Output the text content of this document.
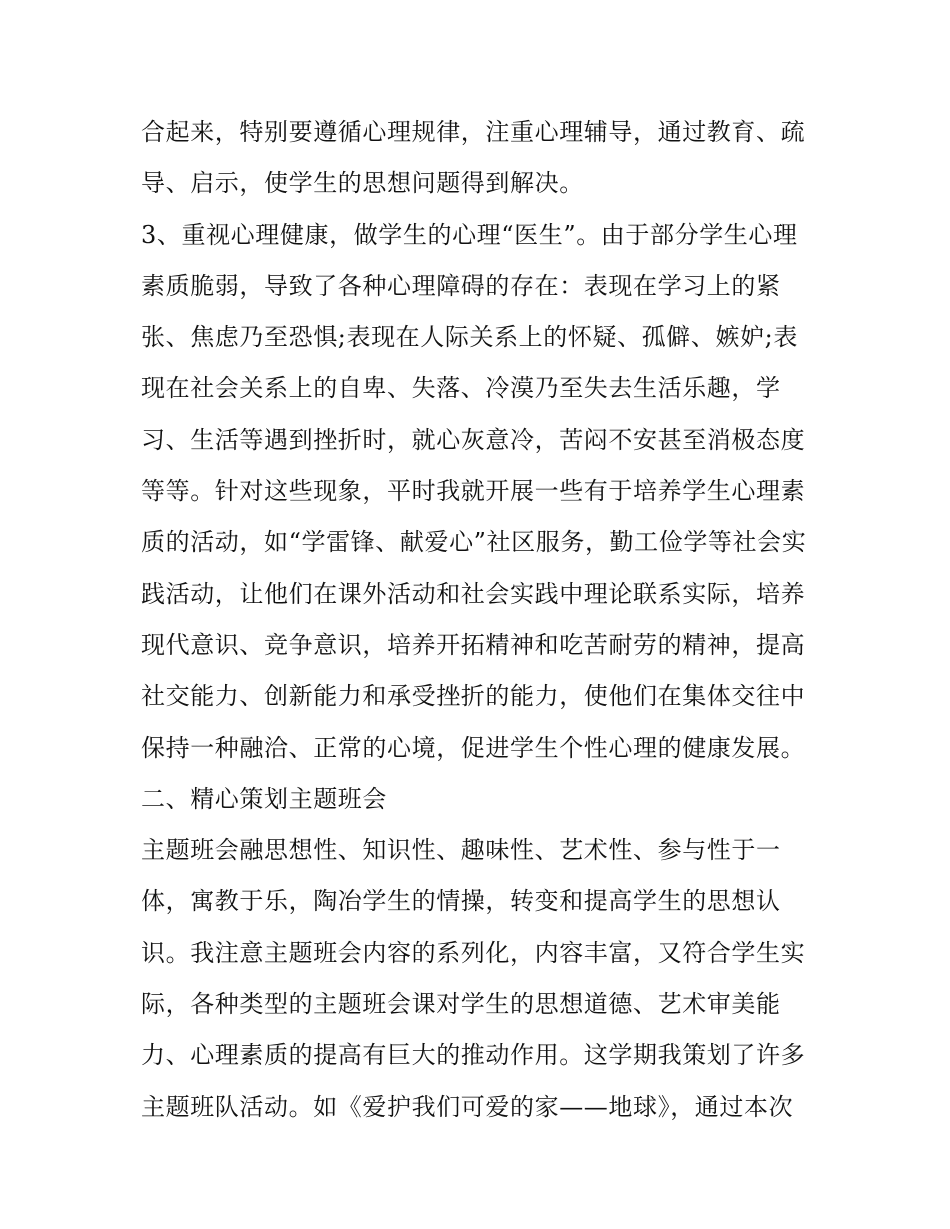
合起来，特别要遵循心理规律，注重心理辅导，通过教育、疏
导、启示，使学生的思想问题得到解决。
3、重视心理健康，做学生的心理“医生”。由于部分学生心理
素质脆弱，导致了各种心理障碍的存在：表现在学习上的紧
张、焦虑乃至恐惧;表现在人际关系上的怀疑、孤僻、嫉妒;表
现在社会关系上的自卑、失落、冷漠乃至失去生活乐趣，学
习、生活等遇到挫折时，就心灰意冷，苦闷不安甚至消极态度
等等。针对这些现象，平时我就开展一些有于培养学生心理素
质的活动，如“学雷锋、献爱心”社区服务，勤工俭学等社会实
践活动，让他们在课外活动和社会实践中理论联系实际，培养
现代意识、竞争意识，培养开拓精神和吃苦耐劳的精神，提高
社交能力、创新能力和承受挫折的能力，使他们在集体交往中
保持一种融洽、正常的心境，促进学生个性心理的健康发展。
二、精心策划主题班会
主题班会融思想性、知识性、趣味性、艺术性、参与性于一
体，寓教于乐，陶冶学生的情操，转变和提高学生的思想认
识。我注意主题班会内容的系列化，内容丰富，又符合学生实
际，各种类型的主题班会课对学生的思想道德、艺术审美能
力、心理素质的提高有巨大的推动作用。这学期我策划了许多
主题班队活动。如《爱护我们可爱的家——地球》，通过本次
